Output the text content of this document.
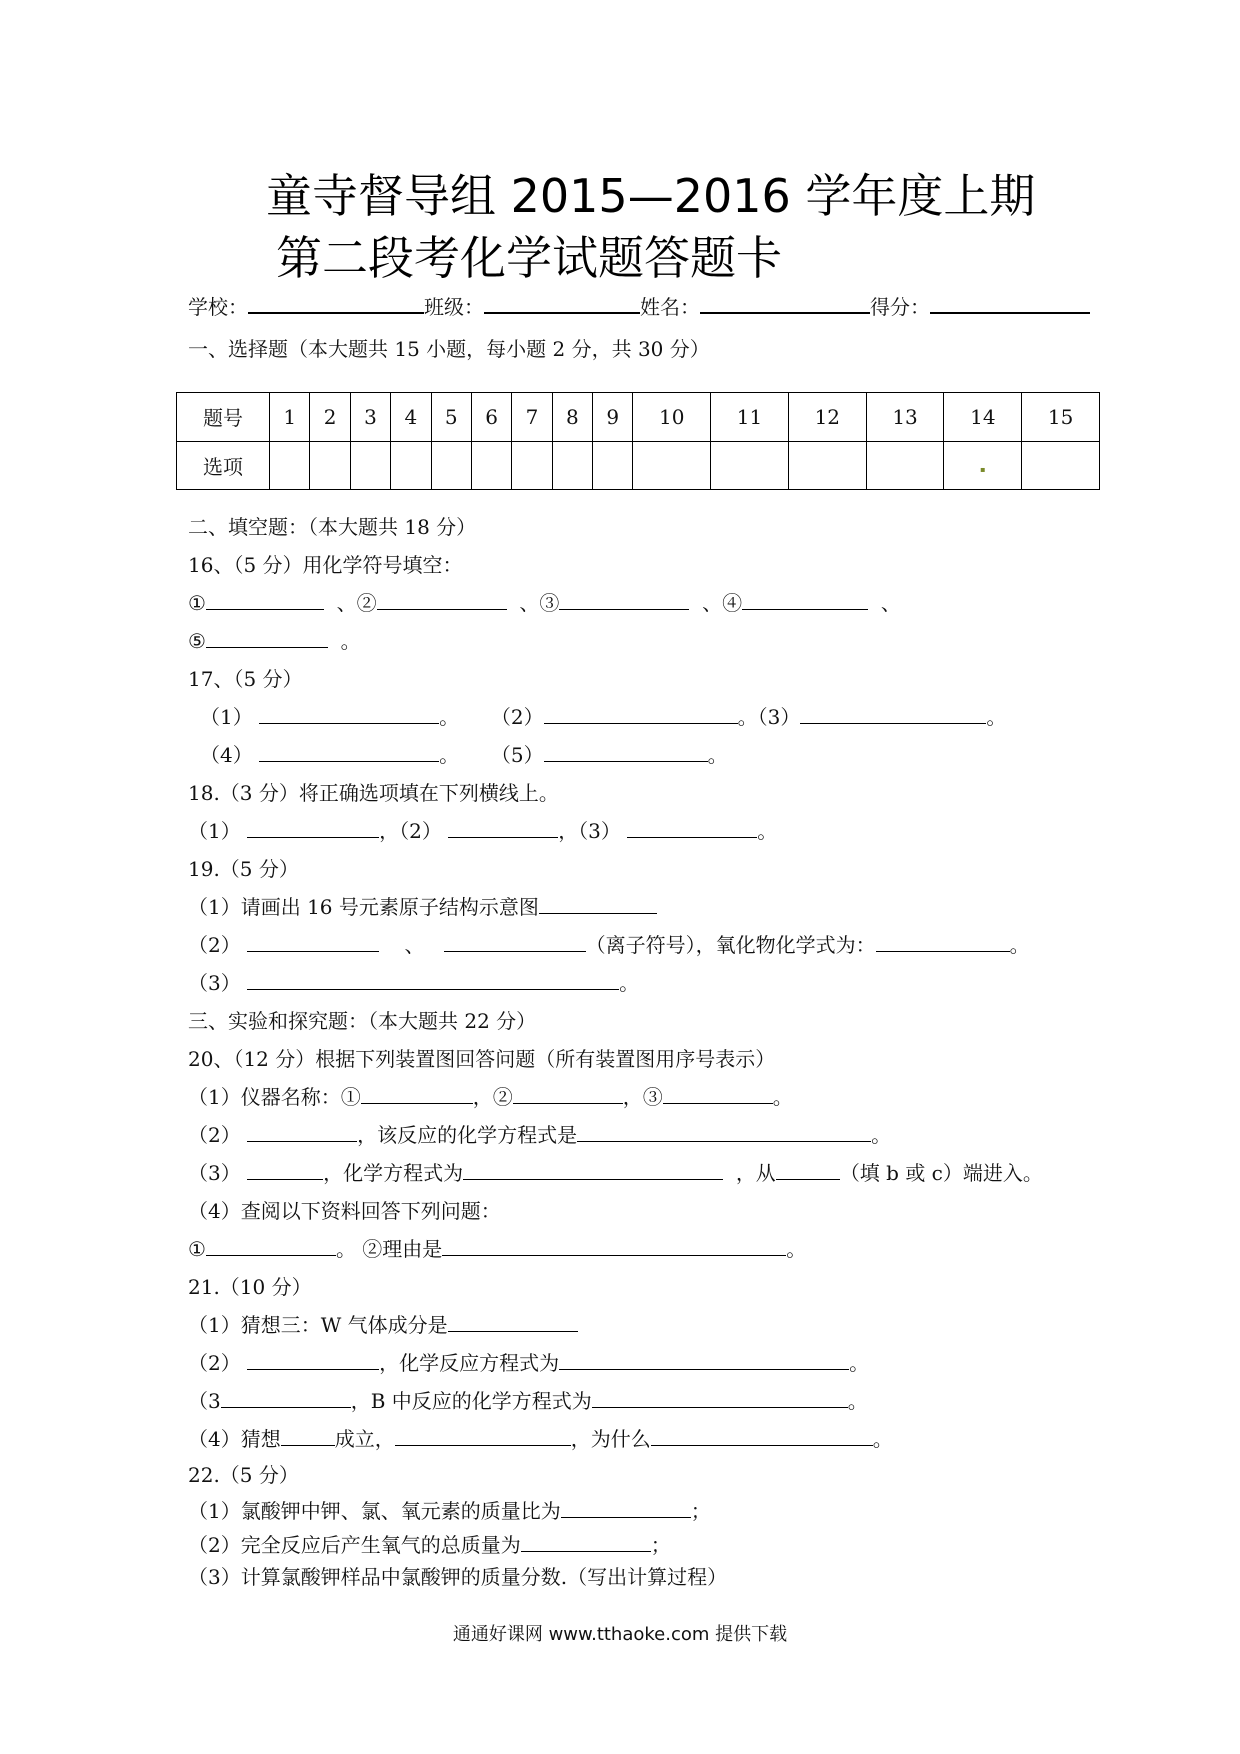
童寺督导组 2015—2016 学年度上期
第二段考化学试题答题卡
学校：	班级：	姓名：	得分：
一、选择题（本大题共 15 小题，每小题 2 分，共 30 分）
题号	1	2	3	4	5	6	7	8	9	10	11	12	13	14	15
选项														▪	
二、填空题：（本大题共 18 分）
16、（5 分）用化学符号填空：
①	、②	、③	、④	、
⑤	。
17、（5 分）
（1）	。 （2）	。（3）	。
（4）	。 （5）	。
18.（3 分）将正确选项填在下列横线上。
（1）	，（2）	，（3）	。
19.（5 分）
（1）请画出 16 号元素原子结构示意图
（2）	、	（离子符号），氧化物化学式为：	。
（3）	。
三、实验和探究题：（本大题共 22 分）
20、（12 分）根据下列装置图回答问题（所有装置图用序号表示）
（1）仪器名称：①	，②	，③	。
（2）	，该反应的化学方程式是	。
（3）	，化学方程式为	，从	（填 b 或 c）端进入。
（4）查阅以下资料回答下列问题：
①	。 ②理由是	。
21.（10 分）
（1）猜想三：W 气体成分是
（2）	，化学反应方程式为	。
（3	，B 中反应的化学方程式为	。
（4）猜想	成立，	，为什么	。
22.（5 分）
（1）氯酸钾中钾、氯、氧元素的质量比为	；
（2）完全反应后产生氧气的总质量为	；
（3）计算氯酸钾样品中氯酸钾的质量分数.（写出计算过程）
通通好课网 www.tthaoke.com 提供下载
